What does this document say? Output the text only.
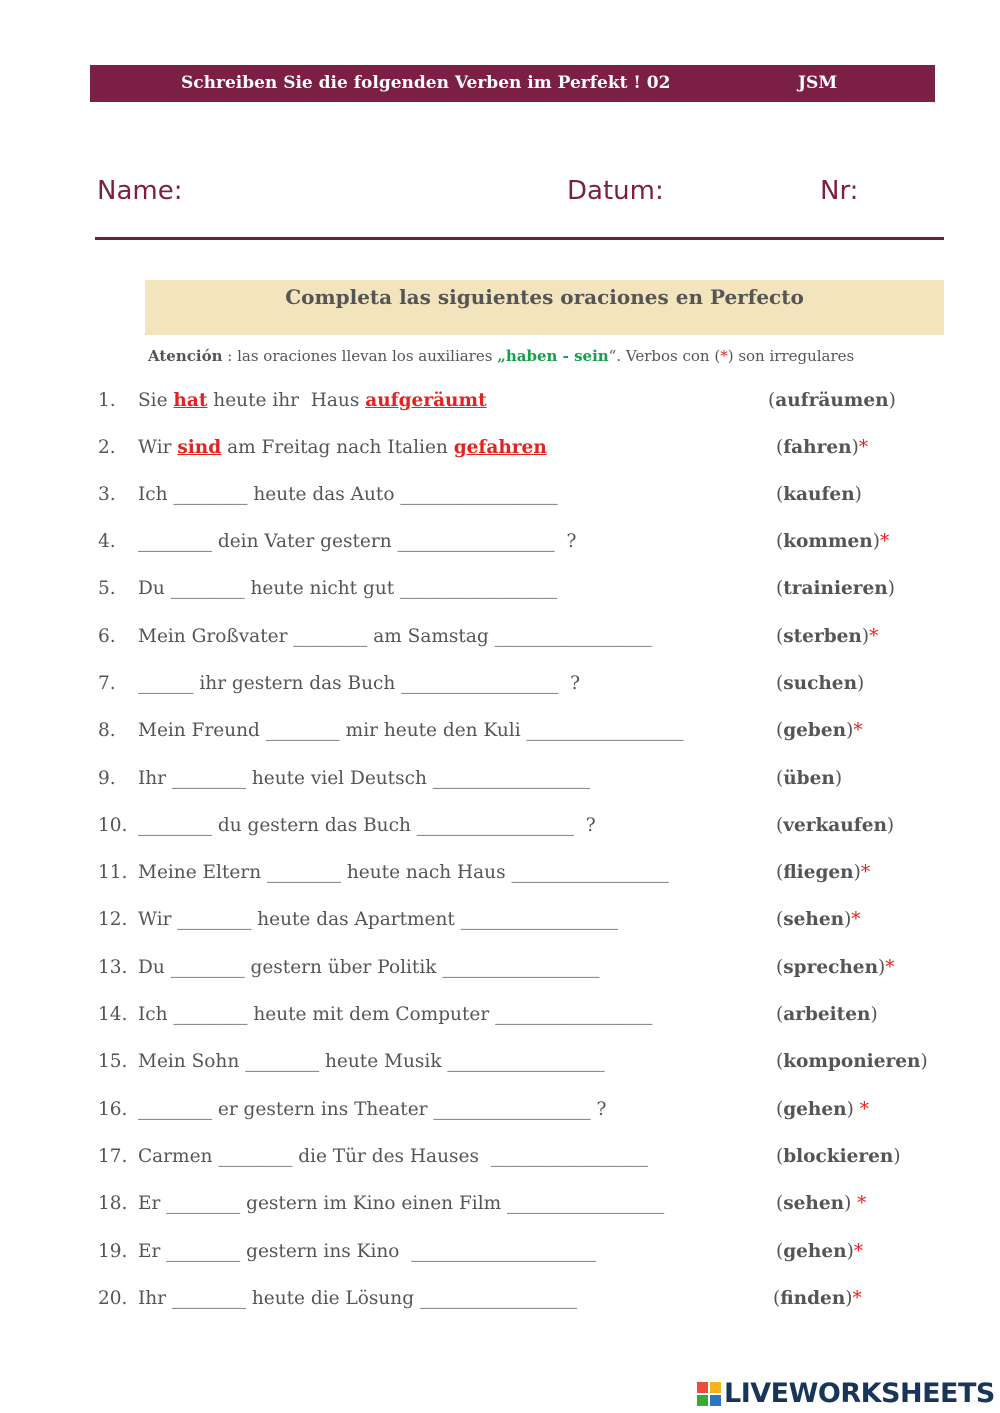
Schreiben Sie die folgenden Verben im Perfekt ! 02	JSM
Name:	Datum:	Nr:
Completa las siguientes oraciones en Perfecto
Atención : las oraciones llevan los auxiliares „haben - sein“. Verbos con (*) son irregulares
1. Sie hat heute ihr  Haus aufgeräumt	(aufräumen)
2. Wir sind am Freitag nach Italien gefahren	(fahren)*
3. Ich ________ heute das Auto _________________	(kaufen)
4. ________ dein Vater gestern _________________  ?	(kommen)*
5. Du ________ heute nicht gut _________________	(trainieren)
6. Mein Großvater ________ am Samstag _________________	(sterben)*
7. ______ ihr gestern das Buch _________________  ?	(suchen)
8. Mein Freund ________ mir heute den Kuli _________________	(geben)*
9. Ihr ________ heute viel Deutsch _________________	(üben)
10. ________ du gestern das Buch _________________  ?	(verkaufen)
11. Meine Eltern ________ heute nach Haus _________________	(fliegen)*
12. Wir ________ heute das Apartment _________________	(sehen)*
13. Du ________ gestern über Politik _________________	(sprechen)*
14. Ich ________ heute mit dem Computer _________________	(arbeiten)
15. Mein Sohn ________ heute Musik _________________	(komponieren)
16. ________ er gestern ins Theater _________________ ?	(gehen) *
17. Carmen ________ die Tür des Hauses  _________________	(blockieren)
18. Er ________ gestern im Kino einen Film _________________	(sehen) *
19. Er ________ gestern ins Kino  ____________________	(gehen)*
20. Ihr ________ heute die Lösung _________________	(finden)*
LIVEWORKSHEETS
